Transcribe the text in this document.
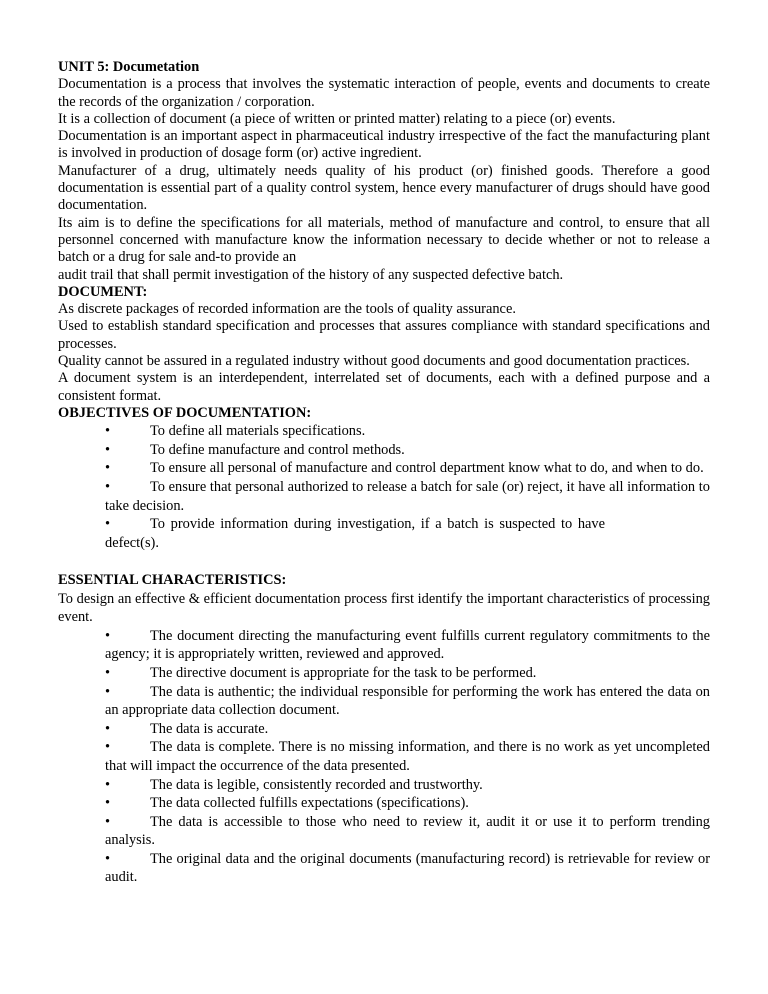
UNIT 5: Documetation

Documentation is a process that involves the systematic interaction of people, events and documents to create the records of the organization / corporation.

It is a collection of document (a piece of written or printed matter) relating to a piece (or) events.

Documentation is an important aspect in pharmaceutical industry irrespective of the fact the manufacturing plant is involved in production of dosage form (or) active ingredient.

Manufacturer of a drug, ultimately needs quality of his product (or) finished goods. Therefore a good documentation is essential part of a quality control system, hence every manufacturer of drugs should have good documentation.

Its aim is to define the specifications for all materials, method of manufacture and control, to ensure that all personnel concerned with manufacture know the information necessary to decide whether or not to release a batch or a drug for sale and-to provide an

audit trail that shall permit investigation of the history of any suspected defective batch.

DOCUMENT:

As discrete packages of recorded information are the tools of quality assurance.

Used to establish standard specification and processes that assures compliance with standard specifications and processes.

Quality cannot be assured in a regulated industry without good documents and good documentation practices.

A document system is an interdependent, interrelated set of documents, each with a defined purpose and a consistent format.

OBJECTIVES OF DOCUMENTATION:

•	To define all materials specifications.

•	To define manufacture and control methods.

•	To ensure all personal of manufacture and control department know what to do, and when to do.

•	To ensure that personal authorized to release a batch for sale (or) reject, it have all information to take decision.

•	To provide information during investigation, if a batch is suspected to have defect(s).

ESSENTIAL CHARACTERISTICS:

To design an effective & efficient documentation process first identify the important characteristics of processing event.

•	The document directing the manufacturing event fulfills current regulatory commitments to the agency; it is appropriately written, reviewed and approved.

•	The directive document is appropriate for the task to be performed.

•	The data is authentic; the individual responsible for performing the work has entered the data on an appropriate data collection document.

•	The data is accurate.

•	The data is complete. There is no missing information, and there is no work as yet uncompleted that will impact the occurrence of the data presented.

•	The data is legible, consistently recorded and trustworthy.

•	The data collected fulfills expectations (specifications).

•	The data is accessible to those who need to review it, audit it or use it to perform trending analysis.

•	The original data and the original documents (manufacturing record) is retrievable for review or audit.
